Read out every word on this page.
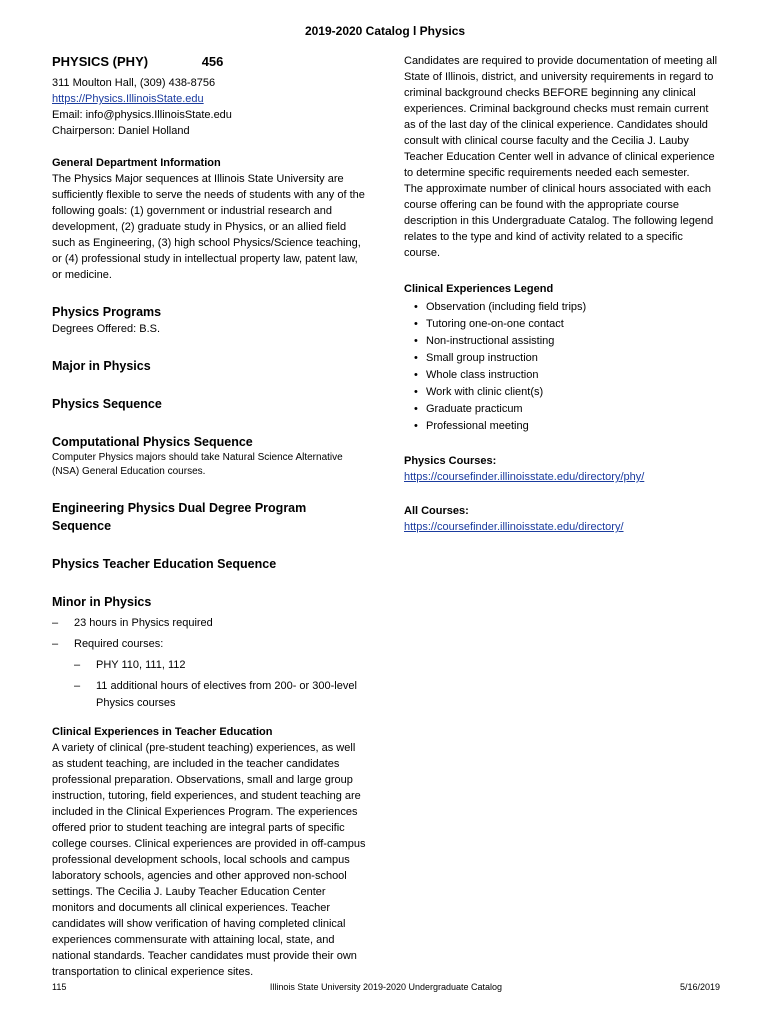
2019-2020 Catalog l Physics
PHYSICS (PHY)	456
311 Moulton Hall, (309) 438-8756
https://Physics.IllinoisState.edu
Email: info@physics.IllinoisState.edu
Chairperson: Daniel Holland
General Department Information

The Physics Major sequences at Illinois State University are sufficiently flexible to serve the needs of students with any of the following goals: (1) government or industrial research and development, (2) graduate study in Physics, or an allied field such as Engineering, (3) high school Physics/Science teaching, or (4) professional study in intellectual property law, patent law, or medicine.

Physics Programs
Degrees Offered: B.S.
Major in Physics
Physics Sequence
Computational Physics Sequence
Computer Physics majors should take Natural Science Alternative (NSA) General Education courses.
Engineering Physics Dual Degree Program Sequence
Physics Teacher Education Sequence
Minor in Physics
– 23 hours in Physics required
– Required courses:
– PHY 110, 111, 112
– 11 additional hours of electives from 200- or 300-level Physics courses
Clinical Experiences in Teacher Education

A variety of clinical (pre-student teaching) experiences, as well as student teaching, are included in the teacher candidates professional preparation. Observations, small and large group instruction, tutoring, field experiences, and student teaching are included in the Clinical Experiences Program. The experiences offered prior to student teaching are integral parts of specific college courses. Clinical experiences are provided in off-campus professional development schools, local schools and campus laboratory schools, agencies and other approved non-school settings. The Cecilia J. Lauby Teacher Education Center monitors and documents all clinical experiences. Teacher candidates will show verification of having completed clinical experiences commensurate with attaining local, state, and national standards. Teacher candidates must provide their own transportation to clinical experience sites.

Candidates are required to provide documentation of meeting all State of Illinois, district, and university requirements in regard to criminal background checks BEFORE beginning any clinical experiences. Criminal background checks must remain current as of the last day of the clinical experience. Candidates should consult with clinical course faculty and the Cecilia J. Lauby Teacher Education Center well in advance of clinical experience to determine specific requirements needed each semester.

The approximate number of clinical hours associated with each course offering can be found with the appropriate course description in this Undergraduate Catalog. The following legend relates to the type and kind of activity related to a specific course.

Clinical Experiences Legend
• Observation (including field trips)
• Tutoring one-on-one contact
• Non-instructional assisting
• Small group instruction
• Whole class instruction
• Work with clinic client(s)
• Graduate practicum
• Professional meeting
Physics Courses:
https://coursefinder.illinoisstate.edu/directory/phy/
All Courses:
https://coursefinder.illinoisstate.edu/directory/
115	Illinois State University 2019-2020 Undergraduate Catalog	5/16/2019
